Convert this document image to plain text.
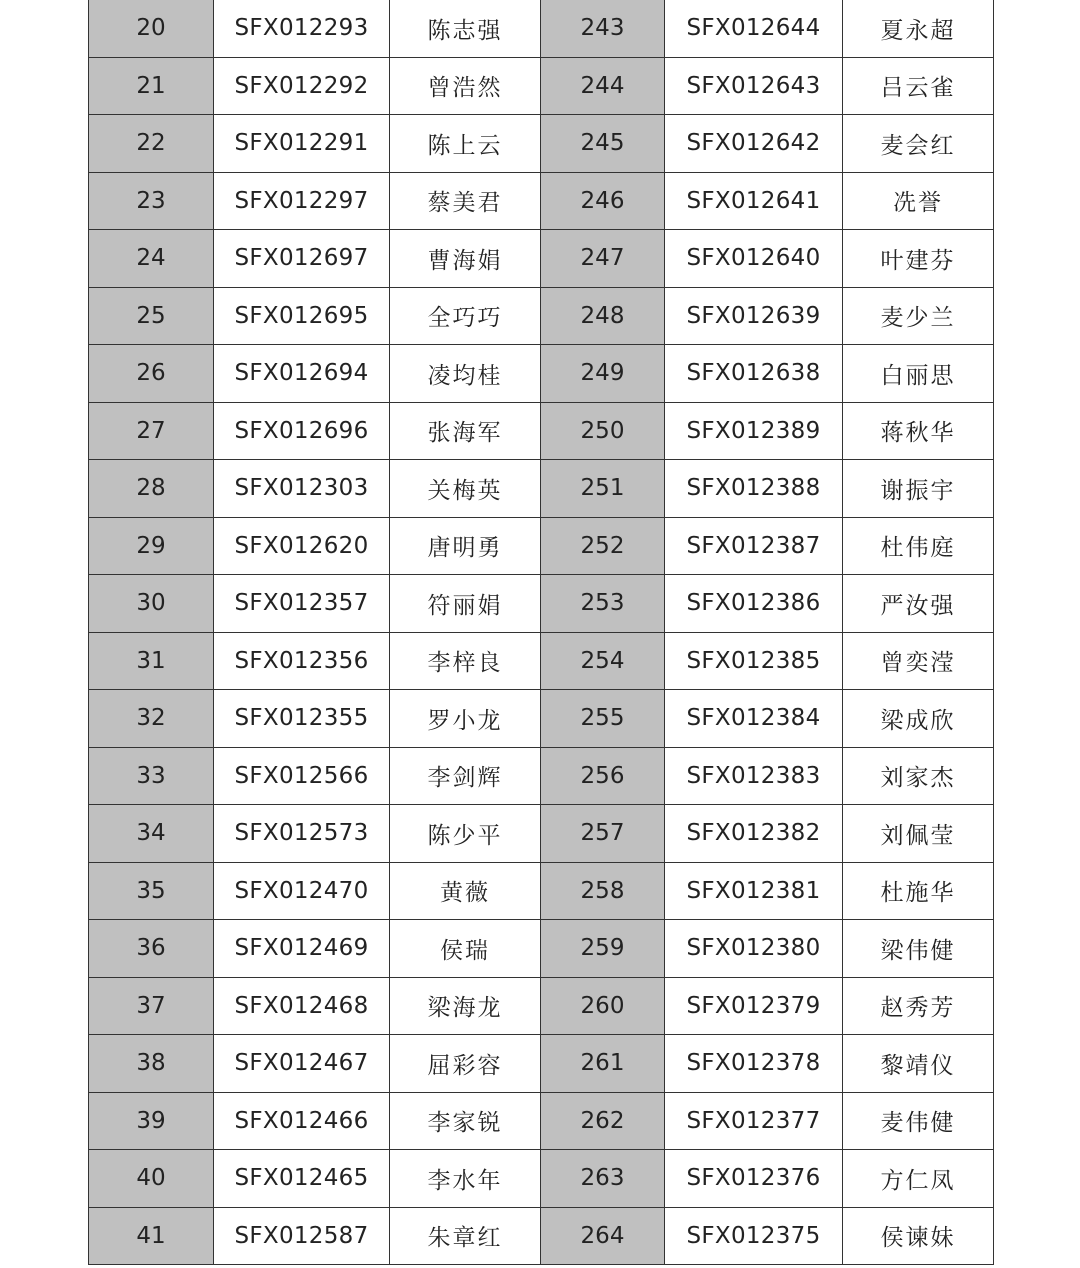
20	SFX012293	陈志强	243	SFX012644	夏永超
21	SFX012292	曾浩然	244	SFX012643	吕云雀
22	SFX012291	陈上云	245	SFX012642	麦会红
23	SFX012297	蔡美君	246	SFX012641	冼誉
24	SFX012697	曹海娟	247	SFX012640	叶建芬
25	SFX012695	全巧巧	248	SFX012639	麦少兰
26	SFX012694	凌均桂	249	SFX012638	白丽思
27	SFX012696	张海军	250	SFX012389	蒋秋华
28	SFX012303	关梅英	251	SFX012388	谢振宇
29	SFX012620	唐明勇	252	SFX012387	杜伟庭
30	SFX012357	符丽娟	253	SFX012386	严汝强
31	SFX012356	李梓良	254	SFX012385	曾奕滢
32	SFX012355	罗小龙	255	SFX012384	梁成欣
33	SFX012566	李剑辉	256	SFX012383	刘家杰
34	SFX012573	陈少平	257	SFX012382	刘佩莹
35	SFX012470	黄薇	258	SFX012381	杜施华
36	SFX012469	侯瑞	259	SFX012380	梁伟健
37	SFX012468	梁海龙	260	SFX012379	赵秀芳
38	SFX012467	屈彩容	261	SFX012378	黎靖仪
39	SFX012466	李家锐	262	SFX012377	麦伟健
40	SFX012465	李水年	263	SFX012376	方仁凤
41	SFX012587	朱章红	264	SFX012375	侯谏妹
